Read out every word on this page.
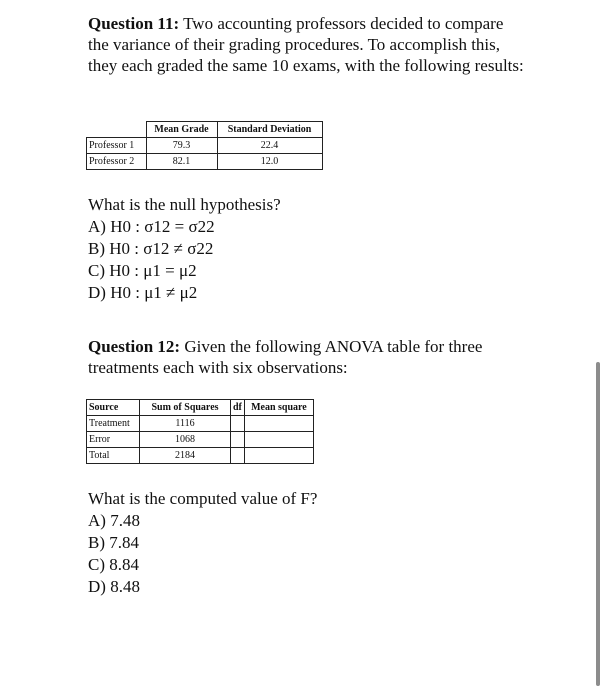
Question 11: Two accounting professors decided to compare the variance of their grading procedures. To accomplish this, they each graded the same 10 exams, with the following results:

	Mean Grade	Standard Deviation
Professor 1	79.3	22.4
Professor 2	82.1	12.0

What is the null hypothesis?

A) H0 : σ12 = σ22

B) H0 : σ12 ≠ σ22

C) H0 : μ1 = μ2

D) H0 : μ1 ≠ μ2

Question 12: Given the following ANOVA table for three treatments each with six observations:

Source	Sum of Squares	df	Mean square
Treatment	1116		
Error	1068		
Total	2184		

What is the computed value of F?

A) 7.48

B) 7.84

C) 8.84

D) 8.48
